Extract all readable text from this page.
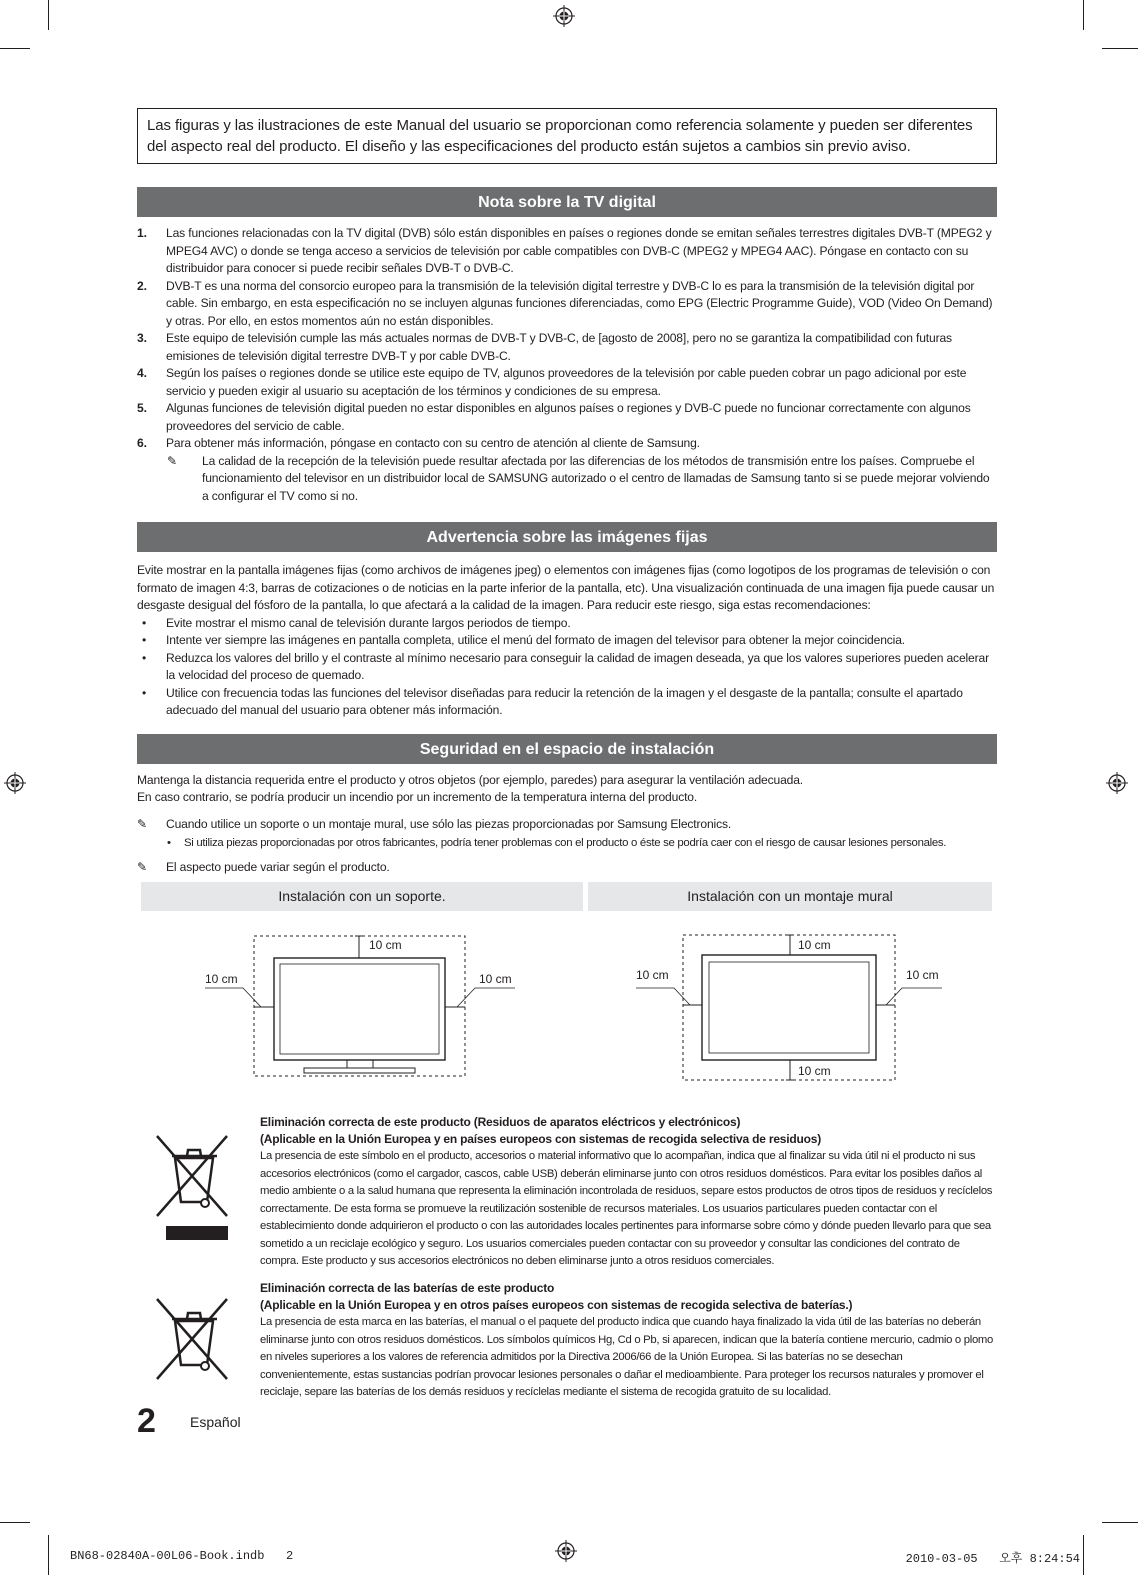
Las figuras y las ilustraciones de este Manual del usuario se proporcionan como referencia solamente y pueden ser diferentes del aspecto real del producto. El diseño y las especificaciones del producto están sujetos a cambios sin previo aviso.
Nota sobre la TV digital
1. Las funciones relacionadas con la TV digital (DVB) sólo están disponibles en países o regiones donde se emitan señales terrestres digitales DVB-T (MPEG2 y MPEG4 AVC) o donde se tenga acceso a servicios de televisión por cable compatibles con DVB-C (MPEG2 y MPEG4 AAC). Póngase en contacto con su distribuidor para conocer si puede recibir señales DVB-T o DVB-C.
2. DVB-T es una norma del consorcio europeo para la transmisión de la televisión digital terrestre y DVB-C lo es para la transmisión de la televisión digital por cable. Sin embargo, en esta especificación no se incluyen algunas funciones diferenciadas, como EPG (Electric Programme Guide), VOD (Video On Demand) y otras. Por ello, en estos momentos aún no están disponibles.
3. Este equipo de televisión cumple las más actuales normas de DVB-T y DVB-C, de [agosto de 2008], pero no se garantiza la compatibilidad con futuras emisiones de televisión digital terrestre DVB-T y por cable DVB-C.
4. Según los países o regiones donde se utilice este equipo de TV, algunos proveedores de la televisión por cable pueden cobrar un pago adicional por este servicio y pueden exigir al usuario su aceptación de los términos y condiciones de su empresa.
5. Algunas funciones de televisión digital pueden no estar disponibles en algunos países o regiones y DVB-C puede no funcionar correctamente con algunos proveedores del servicio de cable.
6. Para obtener más información, póngase en contacto con su centro de atención al cliente de Samsung.
✎ La calidad de la recepción de la televisión puede resultar afectada por las diferencias de los métodos de transmisión entre los países. Compruebe el funcionamiento del televisor en un distribuidor local de SAMSUNG autorizado o el centro de llamadas de Samsung tanto si se puede mejorar volviendo a configurar el TV como si no.
Advertencia sobre las imágenes fijas
Evite mostrar en la pantalla imágenes fijas (como archivos de imágenes jpeg) o elementos con imágenes fijas (como logotipos de los programas de televisión o con formato de imagen 4:3, barras de cotizaciones o de noticias en la parte inferior de la pantalla, etc). Una visualización continuada de una imagen fija puede causar un desgaste desigual del fósforo de la pantalla, lo que afectará a la calidad de la imagen. Para reducir este riesgo, siga estas recomendaciones:
• Evite mostrar el mismo canal de televisión durante largos periodos de tiempo.
• Intente ver siempre las imágenes en pantalla completa, utilice el menú del formato de imagen del televisor para obtener la mejor coincidencia.
• Reduzca los valores del brillo y el contraste al mínimo necesario para conseguir la calidad de imagen deseada, ya que los valores superiores pueden acelerar la velocidad del proceso de quemado.
• Utilice con frecuencia todas las funciones del televisor diseñadas para reducir la retención de la imagen y el desgaste de la pantalla; consulte el apartado adecuado del manual del usuario para obtener más información.
Seguridad en el espacio de instalación
Mantenga la distancia requerida entre el producto y otros objetos (por ejemplo, paredes) para asegurar la ventilación adecuada.
En caso contrario, se podría producir un incendio por un incremento de la temperatura interna del producto.
✎ Cuando utilice un soporte o un montaje mural, use sólo las piezas proporcionadas por Samsung Electronics.
• Si utiliza piezas proporcionadas por otros fabricantes, podría tener problemas con el producto o éste se podría caer con el riesgo de causar lesiones personales.
✎ El aspecto puede variar según el producto.
Instalación con un soporte.	Instalación con un montaje mural
10 cm
10 cm	10 cm
10 cm
10 cm	10 cm
10 cm
Eliminación correcta de este producto (Residuos de aparatos eléctricos y electrónicos)
(Aplicable en la Unión Europea y en países europeos con sistemas de recogida selectiva de residuos)
La presencia de este símbolo en el producto, accesorios o material informativo que lo acompañan, indica que al finalizar su vida útil ni el producto ni sus accesorios electrónicos (como el cargador, cascos, cable USB) deberán eliminarse junto con otros residuos domésticos. Para evitar los posibles daños al medio ambiente o a la salud humana que representa la eliminación incontrolada de residuos, separe estos productos de otros tipos de residuos y recíclelos correctamente. De esta forma se promueve la reutilización sostenible de recursos materiales. Los usuarios particulares pueden contactar con el establecimiento donde adquirieron el producto o con las autoridades locales pertinentes para informarse sobre cómo y dónde pueden llevarlo para que sea sometido a un reciclaje ecológico y seguro. Los usuarios comerciales pueden contactar con su proveedor y consultar las condiciones del contrato de compra. Este producto y sus accesorios electrónicos no deben eliminarse junto a otros residuos comerciales.
Eliminación correcta de las baterías de este producto
(Aplicable en la Unión Europea y en otros países europeos con sistemas de recogida selectiva de baterías.)
La presencia de esta marca en las baterías, el manual o el paquete del producto indica que cuando haya finalizado la vida útil de las baterías no deberán eliminarse junto con otros residuos domésticos. Los símbolos químicos Hg, Cd o Pb, si aparecen, indican que la batería contiene mercurio, cadmio o plomo en niveles superiores a los valores de referencia admitidos por la Directiva 2006/66 de la Unión Europea. Si las baterías no se desechan convenientemente, estas sustancias podrían provocar lesiones personales o dañar el medioambiente. Para proteger los recursos naturales y promover el reciclaje, separe las baterías de los demás residuos y recíclelas mediante el sistema de recogida gratuito de su localidad.
2 Español
BN68-02840A-00L06-Book.indb   2	2010-03-05   오후 8:24:54
